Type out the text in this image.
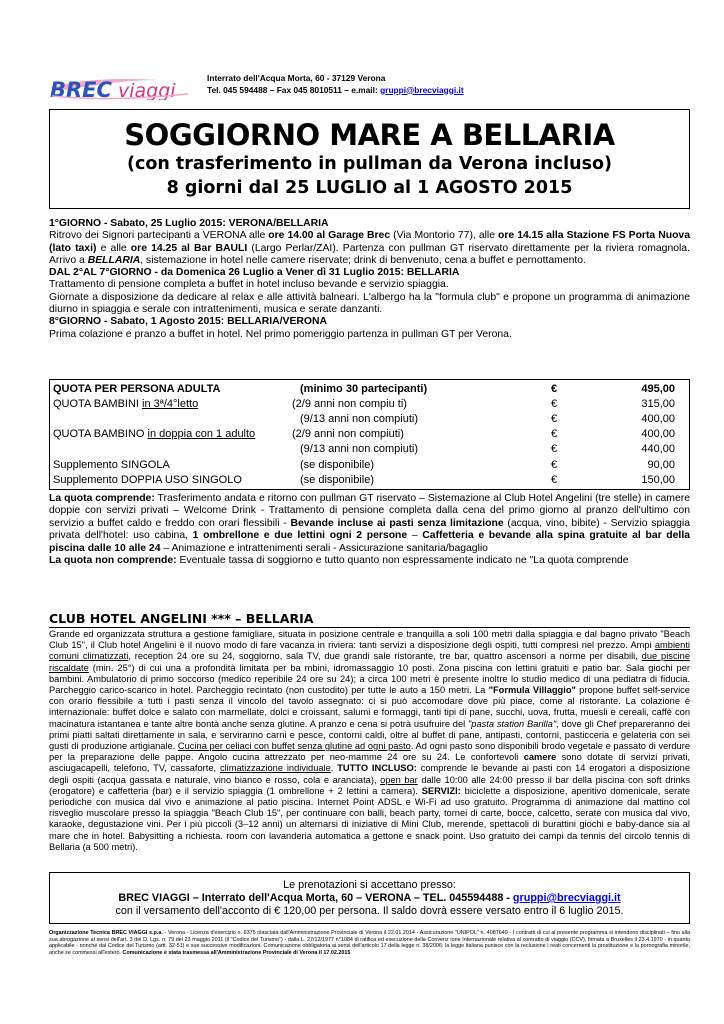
BREC viaggi
Interrato dell'Acqua Morta, 60 - 37129 Verona
Tel. 045 594488 – Fax 045 8010511 – e.mail: gruppi@brecviaggi.it
SOGGIORNO MARE A BELLARIA
(con trasferimento in pullman da Verona incluso)
8 giorni dal 25 LUGLIO al 1 AGOSTO 2015

1°GIORNO - Sabato, 25 Luglio 2015: VERONA/BELLARIA

Ritrovo dei Signori partecipanti a VERONA alle ore 14.00 al Garage Brec (Via Montorio 77), alle ore 14.15 alla Stazione FS Porta Nuova (lato taxi) e alle ore 14.25 al Bar BAULI (Largo Perlar/ZAI). Partenza con pullman GT riservato direttamente per la riviera romagnola. Arrivo a BELLARIA, sistemazione in hotel nelle camere riservate; drink di benvenuto, cena a buffet e pernottamento.

DAL 2°AL 7°GIORNO - da Domenica 26 Luglio a Vener dì 31 Luglio 2015: BELLARIA

Trattamento di pensione completa a buffet in hotel incluso bevande e servizio spiaggia.

Giornate a disposizione da dedicare al relax e alle attività balneari. L'albergo ha la "formula club" e propone un programma di animazione diurno in spiaggia e serale con intrattenimenti, musica e serate danzanti.

8°GIORNO - Sabato, 1 Agosto 2015: BELLARIA/VERONA

Prima colazione e pranzo a buffet in hotel. Nel primo pomeriggio partenza in pullman GT per Verona.

QUOTA PER PERSONA ADULTA	(minimo 30 partecipanti)	€	495,00
QUOTA BAMBINI in 3ª/4°letto	(2/9 anni non compiu ti)	€	315,00
(9/13 anni non compiuti)	€	400,00
QUOTA BAMBINO in doppia con 1 adulto	(2/9 anni non compiuti)	€	400,00
(9/13 anni non compiuti)	€	440,00
Supplemento SINGOLA	(se disponibile)	€	90,00
Supplemento DOPPIA USO SINGOLO	(se disponibile)	€	150,00

La quota comprende: Trasferimento andata e ritorno con pullman GT riservato – Sistemazione al Club Hotel Angelini (tre stelle) in camere doppie con servizi privati – Welcome Drink - Trattamento di pensione completa dalla cena del primo giorno al pranzo dell'ultimo con servizio a buffet caldo e freddo con orari flessibili - Bevande incluse ai pasti senza limitazione (acqua, vino, bibite) - Servizio spiaggia privata dell'hotel: uso cabina, 1 ombrellone e due lettini ogni 2 persone – Caffetteria e bevande alla spina gratuite al bar della piscina dalle 10 alle 24 – Animazione e intrattenimenti serali - Assicurazione sanitaria/bagaglio

La quota non comprende: Eventuale tassa di soggiorno e tutto quanto non espressamente indicato ne "La quota comprende

CLUB HOTEL ANGELINI *** – BELLARIA

Grande ed organizzata struttura a gestione famigliare, situata in posizione centrale e tranquilla a soli 100 metri dalla spiaggia e dal bagno privato "Beach Club 15", il Club hotel Angelini è il nuovo modo di fare vacanza in riviera: tanti servizi a disposizione degli ospiti, tutti compresi nel prezzo. Ampi ambienti comuni climatizzati, reception 24 ore su 24, soggiorno, sala TV, due grandi sale ristorante, tre bar, quattro ascensori a norme per disabili, due piscine riscaldate (min. 25°) di cui una a profondità limitata per ba mbini, idromassaggio 10 posti. Zona piscina con lettini gratuiti e patio bar. Sala giochi per bambini. Ambulatorio di primo soccorso (medico reperibile 24 ore su 24); a circa 100 metri è presente inoltre lo studio medico di una pediatra di fiducia. Parcheggio carico-scarico in hotel. Parcheggio recintato (non custodito) per tutte le auto a 150 metri. La "Formula Villaggio" propone buffet self-service con orario flessibile a tutti i pasti senza il vincolo del tavolo assegnato: ci si può accomodare dove più piace, come al ristorante. La colazione è internazionale: buffet dolce e salato con marmellate, dolci e croissant, salumi e formaggi, tanti tipi di pane, succhi, uova, frutta, muesli e cereali, caffè con macinatura istantanea e tante altre bontà anche senza glutine. A pranzo e cena si potrà usufruire del "pasta station Barilla", dove gli Chef prepareranno dei primi piatti saltati direttamente in sala, e serviranno carni e pesce, contorni caldi, oltre al buffet di pane, antipasti, contorni, pasticceria e gelateria con sei gusti di produzione artigianale. Cucina per celiaci con buffet senza glutine ad ogni pasto. Ad ogni pasto sono disponibili brodo vegetale e passato di verdure per la preparazione delle pappe. Angolo cucina attrezzato per neo-mamme 24 ore su 24. Le confortevoli camere sono dotate di servizi privati, asciugacapelli, telefono, TV, cassaforte, climatizzazione individuale. TUTTO INCLUSO: comprende le bevande ai pasti con 14 erogatori a disposizione degli ospiti (acqua gassata e naturale, vino bianco e rosso, cola e aranciata), open bar dalle 10:00 alle 24:00 presso il bar della piscina con soft drinks (erogatore) e caffetteria (bar) e il servizio spiaggia (1 ombrellone + 2 lettini a camera). SERVIZI: biciclette a disposizione, aperitivo domenicale, serate periodiche con musica dal vivo e animazione al patio piscina. Internet Point ADSL e Wi-Fi ad uso gratuito. Programma di animazione dal mattino col risveglio muscolare presso la spiaggia "Beach Club 15", per continuare con balli, beach party, tornei di carte, bocce, calcetto, serate con musica dal vivo, karaoke, degustazione vini. Per i più piccoli (3–12 anni) un alternarsi di iniziative di Mini Club, merende, spettacoli di burattini giochi e baby-dance sia al mare che in hotel. Babysitting a richiesta. room con lavanderia automatica a gettone e snack point. Uso gratuito dei campi da tennis del circolo tennis di Bellaria (a 500 metri).

Le prenotazioni si accettano presso:
BREC VIAGGI – Interrato dell'Acqua Morta, 60 – VERONA – TEL. 045594488 - gruppi@brecviaggi.it
con il versamento dell'acconto di € 120,00 per persona. Il saldo dovrà essere versato entro il 6 luglio 2015.
Organizzazione Tecnica BREC VIAGGI s.p.a. - Verona - Licenza d'esercizio n. 6375 rilasciata dall'Amministrazione Provinciale di Verona il 22.01.2014 - Assicurazione "UNIPOL" n. 4087649 - I contratti di cui al presente programma si intendono disciplinati – fino alla sua abrogazione ai sensi dell'art. 3 del D. Lgs. n. 79 del 23 maggio 2011 (il "Codice del Turismo") - dalla L. 27/12/1977 n°1084 di ratifica ed esecuzione della Convenz ione Internazionale relativa al contratto di viaggio (CCV), firmata a Bruxelles il 23.4.1970 - in quanto applicabile - nonché dal Codice del Turismo (artt. 32-51) e sue successive modificazioni. Comunicazione obbligatoria ai sensi dell'articolo 17 della legge n. 38/2006: la legge italiana punisce con la reclusione i reati concernenti la prostituzione e la pornografia minorile, anche se commessi all'estero. Comunicazione è stata trasmessa all'Amministrazione Provinciale di Verona il 17.02.2015
